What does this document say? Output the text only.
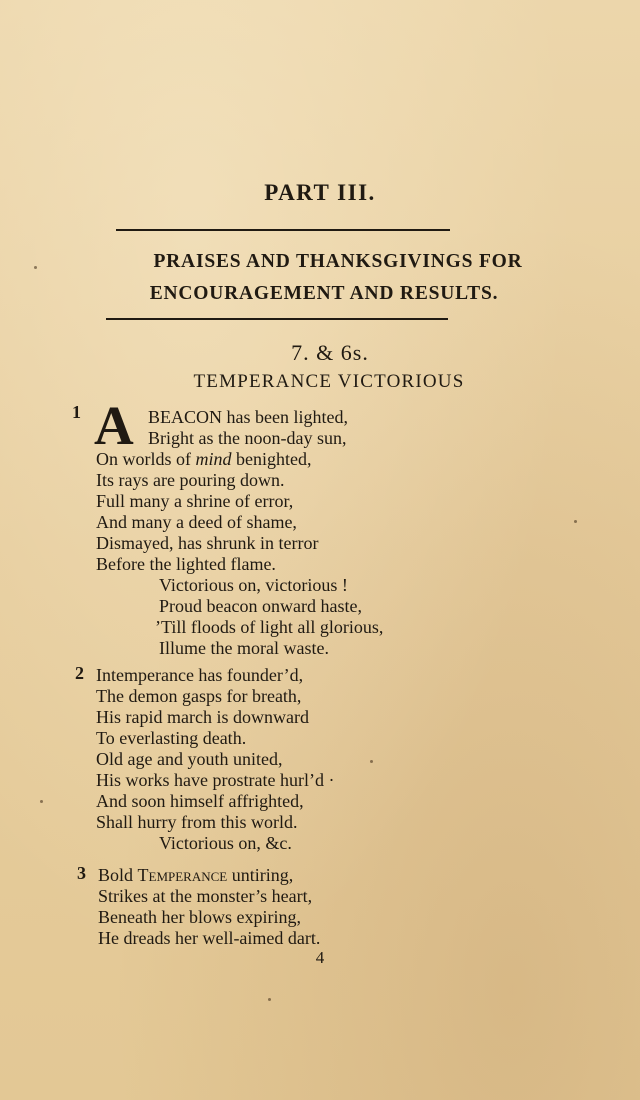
PART III.
PRAISES AND THANKSGIVINGS FOR
ENCOURAGEMENT AND RESULTS.
7. & 6s.
TEMPERANCE VICTORIOUS
1 A BEACON has been lighted,
Bright as the noon-day sun,
On worlds of mind benighted,
Its rays are pouring down.
Full many a shrine of error,
And many a deed of shame,
Dismayed, has shrunk in terror
Before the lighted flame.
Victorious on, victorious !
Proud beacon onward haste,
’Till floods of light all glorious,
Illume the moral waste.
2 Intemperance has founder’d,
The demon gasps for breath,
His rapid march is downward
To everlasting death.
Old age and youth united,
His works have prostrate hurl’d ·
And soon himself affrighted,
Shall hurry from this world.
Victorious on, &c.
3 Bold Temperance untiring,
Strikes at the monster’s heart,
Beneath her blows expiring,
He dreads her well-aimed dart.
4
